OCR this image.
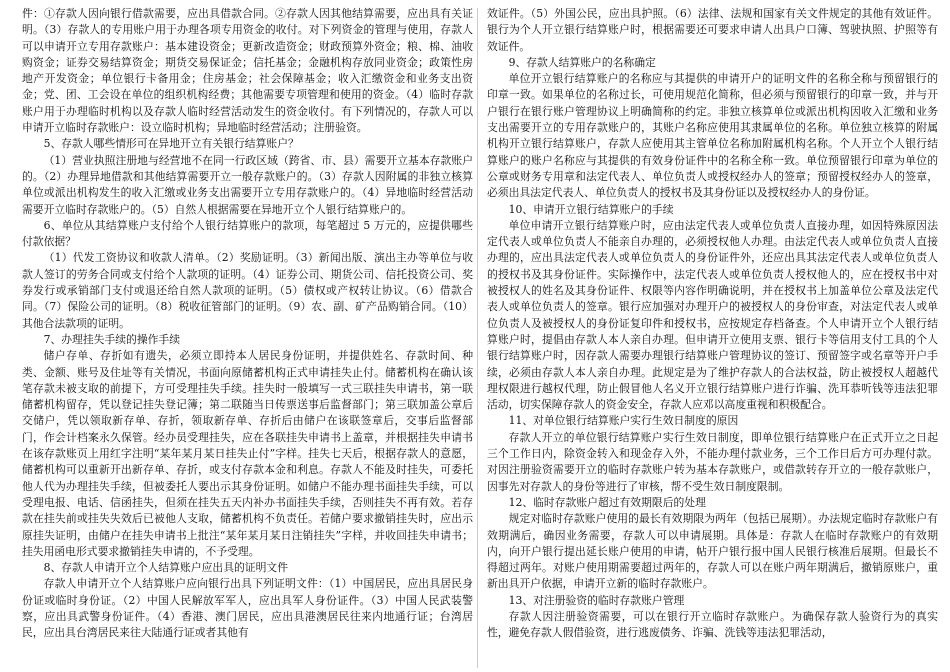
件：①存款人因向银行借款需要，应出具借款合同。②存款人因其他结算需要，应出具有关证明。（3）存款人的专用账户用于办理各项专用资金的收付。对下列资金的管理与使用，存款人可以申请开立专用存款账户：基本建设资金；更新改造资金；财政预算外资金；粮、棉、油收购资金；证券交易结算资金；期货交易保证金；信托基金；金融机构存放同业资金；政策性房地产开发资金；单位银行卡备用金；住房基金；社会保障基金；收入汇缴资金和业务支出资金；党、团、工会设在单位的组织机构经费；其他需要专项管理和使用的资金。（4）临时存款账户用于办理临时机构以及存款人临时经营活动发生的资金收付。有下列情况的，存款人可以申请开立临时存款账户：设立临时机构；异地临时经营活动；注册验资。

5、存款人哪些情形可在异地开立有关银行结算账户？

（1）营业执照注册地与经营地不在同一行政区域（跨省、市、县）需要开立基本存款账户的。（2）办理异地借款和其他结算需要开立一般存款账户的。（3）存款人因附属的非独立核算单位或派出机构发生的收入汇缴或业务支出需要开立专用存款账户的。（4）异地临时经营活动需要开立临时存款账户的。（5）自然人根据需要在异地开立个人银行结算账户的。

6、单位从其结算账户支付给个人银行结算账户的款项，每笔超过 5 万元的，应提供哪些付款依据？

（1）代发工资协议和收款人清单。（2）奖励证明。（3）新闻出版、演出主办等单位与收款人签订的劳务合同或支付给个人款项的证明。（4）证券公司、期货公司、信托投资公司、奖券发行或承销部门支付或退还给自然人款项的证明。（5）债权或产权转让协议。（6）借款合同。（7）保险公司的证明。（8）税收征管部门的证明。（9）农、副、矿产品购销合同。（10）其他合法款项的证明。

7、办理挂失手续的操作手续

储户存单、存折如有遗失，必须立即持本人居民身份证明，并提供姓名、存款时间、种类、金额、账号及住址等有关情况，书面向原储蓄机构正式申请挂失止付。储蓄机构在确认该笔存款未被支取的前提下，方可受理挂失手续。挂失时一般填写一式三联挂失申请书，第一联储蓄机构留存，凭以登记挂失登记簿；第二联随当日传票送事后监督部门；第三联加盖公章后交储户，凭以领取新存单、存折，领取新存单、存折后由储户在该联签章后，交事后监督部门，作会计档案永久保管。经办员受理挂失，应在各联挂失申请书上盖章，并根据挂失申请书在该存款账页上用红字注明“某年某月某日挂失止付”字样。挂失七天后，根据存款人的意愿，储蓄机构可以重新开出新存单、存折，或支付存款本金和利息。存款人不能及时挂失，可委托他人代为办理挂失手续，但被委托人要出示其身份证明。如储户不能办理书面挂失手续，可以受理电报、电话、信函挂失，但须在挂失五天内补办书面挂失手续，否则挂失不再有效。若存款在挂失前或挂失失效后已被他人支取，储蓄机构不负责任。若储户要求撤销挂失时，应出示原挂失证明，由储户在挂失申请书上批注“某年某月某日注销挂失”字样，并收回挂失申请书；挂失用函电形式要求撤销挂失申请的，不予受理。

8、存款人申请开立个人结算账户应出具的证明文件

存款人申请开立个人结算账户应向银行出具下列证明文件：（1）中国居民，应出具居民身份证或临时身份证。（2）中国人民解放军军人，应出具军人身份证件。（3）中国人民武装警察，应出具武警身份证件。（4）香港、澳门居民，应出具港澳居民往来内地通行证；台湾居民，应出具台湾居民来往大陆通行证或者其他有

效证件。（5）外国公民，应出具护照。（6）法律、法规和国家有关文件规定的其他有效证件。银行为个人开立银行结算账户时，根据需要还可要求申请人出具户口簿、驾驶执照、护照等有效证件。

9、存款人结算账户的名称确定

单位开立银行结算账户的名称应与其提供的申请开户的证明文件的名称全称与预留银行的印章一致。如果单位的名称过长，可使用规范化简称，但必须与预留银行的印章一致，并与开户银行在银行账户管理协议上明确简称的约定。非独立核算单位或派出机构因收入汇缴和业务支出需要开立的专用存款账户的，其账户名称应使用其隶属单位的名称。单位独立核算的附属机构开立银行结算账户，存款人应使用其主管单位名称加附属机构名称。个人开立个人银行结算账户的账户名称应与其提供的有效身份证件中的名称全称一致。单位预留银行印章为单位的公章或财务专用章和法定代表人、单位负责人或授权经办人的签章；预留授权经办人的签章，必须出具法定代表人、单位负责人的授权书及其身份证以及授权经办人的身份证。

10、申请开立银行结算账户的手续

单位申请开立银行结算账户时，应由法定代表人或单位负责人直接办理，如因特殊原因法定代表人或单位负责人不能亲自办理的，必须授权他人办理。由法定代表人或单位负责人直接办理的，应出具法定代表人或单位负责人的身份证件外，还应出具其法定代表人或单位负责人的授权书及其身份证件。实际操作中，法定代表人或单位负责人授权他人的，应在授权书中对被授权人的姓名及其身份证件、权限等内容作明确说明，并在授权书上加盖单位公章及法定代表人或单位负责人的签章。银行应加强对办理开户的被授权人的身份审查，对法定代表人或单位负责人及被授权人的身份证复印件和授权书，应按规定存档备查。个人申请开立个人银行结算账户时，提倡由存款人本人亲自办理。但申请开立使用支票、银行卡等信用支付工具的个人银行结算账户时，因存款人需要办理银行结算账户管理协议的签订、预留签字或名章等开户手续，必须由存款人本人亲自办理。此规定是为了维护存款人的合法权益，防止被授权人超越代理权限进行越权代理，防止假冒他人名义开立银行结算账户进行诈骗、洗耳恭听钱等违法犯罪活动，切实保障存款人的资金安全，存款人应邓以高度重视和积极配合。

11、对单位银行结算账户实行生效日制度的原因

存款人开立的单位银行结算账户实行生效日制度，即单位银行结算账户在正式开立之日起三个工作日内，除资金转入和现金存入外，不能办理付款业务，三个工作日后方可办理付款。对因注册验资需要开立的临时存款账户转为基本存款账户，或借款转存开立的一般存款账户，因事先对存款人的身份等进行了审核，帮不受生效日制度限制。

12、临时存款账户超过有效期限后的处理

规定对临时存款账户使用的最长有效期限为两年（包括已展期）。办法规定临时存款账户有效期满后，确因业务需要，存款人可以申请展期。具体是：存款人在临时存款账户的有效期内，向开户银行提出延长账户使用的申请，帖开户银行报中国人民银行核准后展期。但最长不得超过两年。对账户使用期需要超过两年的，存款人可以在账户两年期满后，撤销原账户，重新出具开户依据，申请开立新的临时存款账户。

13、对注册验资的临时存款账户管理

存款人因注册验资需要，可以在银行开立临时存款账户。为确保存款人验资行为的真实性，避免存款人假借验资，进行逃废债务、诈骗、洗钱等违法犯罪活动，
